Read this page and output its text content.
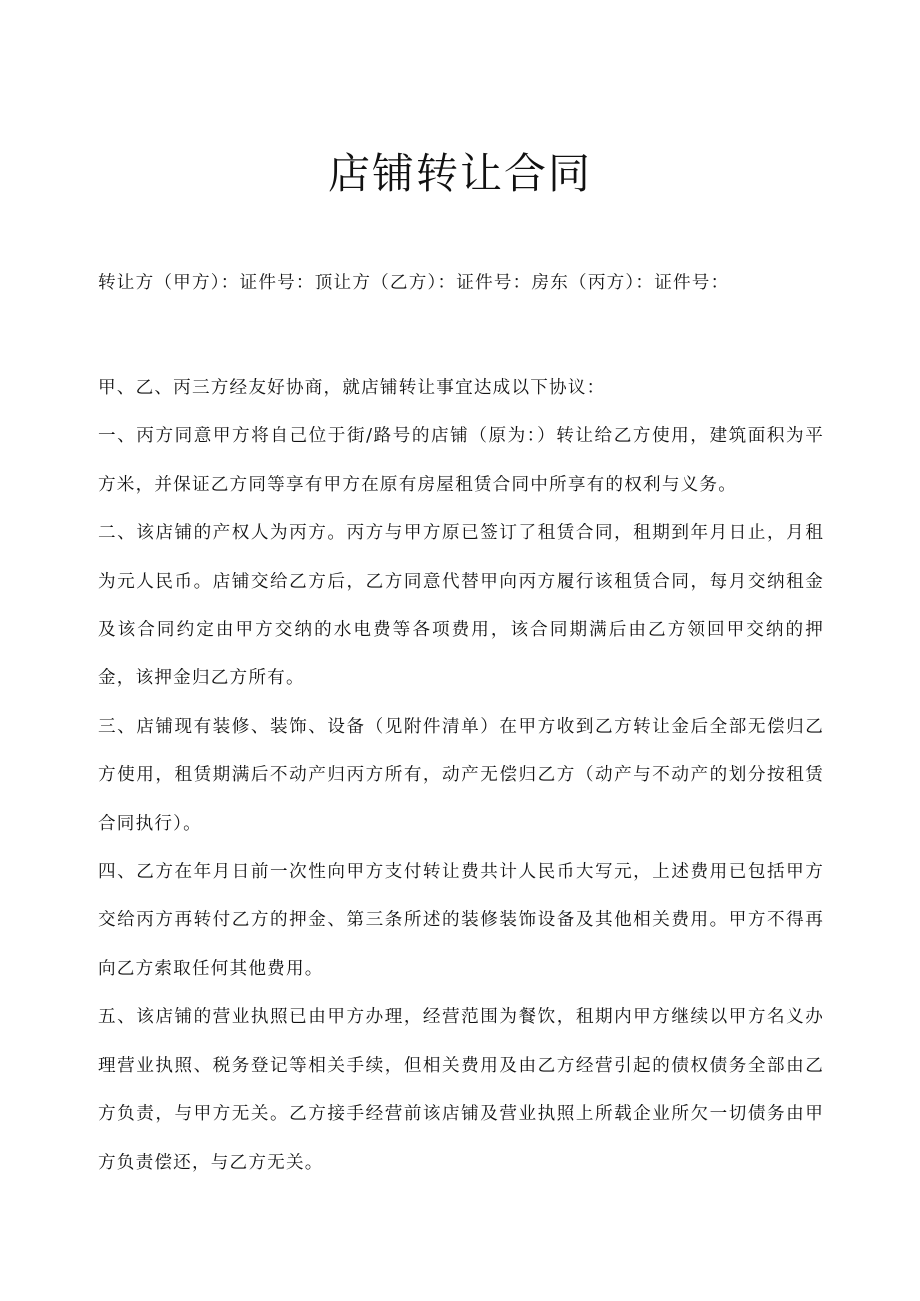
店铺转让合同
转让方（甲方）：证件号：顶让方（乙方）：证件号：房东（丙方）：证件号：

甲、乙、丙三方经友好协商，就店铺转让事宜达成以下协议：

一、丙方同意甲方将自己位于街/路号的店铺（原为：）转让给乙方使用，建筑面积为平方米，并保证乙方同等享有甲方在原有房屋租赁合同中所享有的权利与义务。

二、该店铺的产权人为丙方。丙方与甲方原已签订了租赁合同，租期到年月日止，月租为元人民币。店铺交给乙方后，乙方同意代替甲向丙方履行该租赁合同，每月交纳租金及该合同约定由甲方交纳的水电费等各项费用，该合同期满后由乙方领回甲交纳的押金，该押金归乙方所有。

三、店铺现有装修、装饰、设备（见附件清单）在甲方收到乙方转让金后全部无偿归乙方使用，租赁期满后不动产归丙方所有，动产无偿归乙方（动产与不动产的划分按租赁合同执行）。

四、乙方在年月日前一次性向甲方支付转让费共计人民币大写元，上述费用已包括甲方交给丙方再转付乙方的押金、第三条所述的装修装饰设备及其他相关费用。甲方不得再向乙方索取任何其他费用。

五、该店铺的营业执照已由甲方办理，经营范围为餐饮，租期内甲方继续以甲方名义办理营业执照、税务登记等相关手续，但相关费用及由乙方经营引起的债权债务全部由乙方负责，与甲方无关。乙方接手经营前该店铺及营业执照上所载企业所欠一切债务由甲方负责偿还，与乙方无关。
